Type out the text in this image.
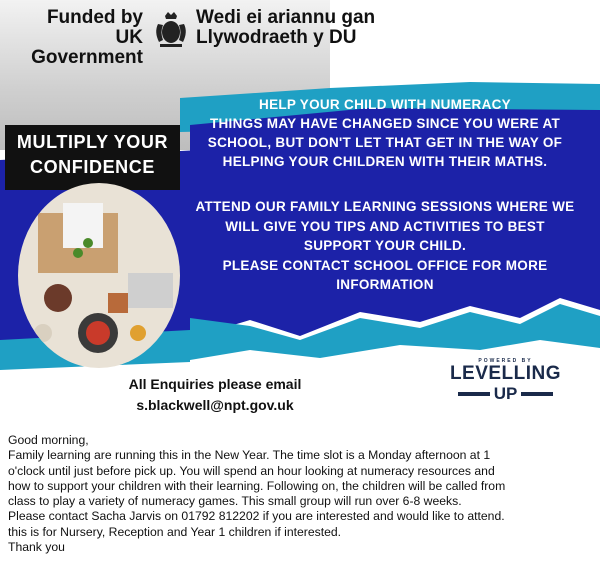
Funded by
UK Government
Wedi ei ariannu gan
Llywodraeth y DU
MULTIPLY YOUR
CONFIDENCE
HELP YOUR CHILD WITH NUMERACY
THINGS MAY HAVE CHANGED SINCE YOU WERE AT
SCHOOL, BUT DON'T LET THAT GET IN THE WAY OF
HELPING YOUR CHILDREN WITH THEIR MATHS.
ATTEND OUR FAMILY LEARNING SESSIONS WHERE WE
WILL GIVE YOU TIPS AND ACTIVITIES TO BEST
SUPPORT YOUR CHILD.
PLEASE CONTACT SCHOOL OFFICE FOR MORE
INFORMATION
All Enquiries please email
s.blackwell@npt.gov.uk
POWERED BY
LEVELLING
UP
Good morning,
Family learning are running this in the New Year. The time slot is a Monday afternoon at 1
o'clock until just before pick up. You will spend an hour looking at numeracy resources and
how to support your children with their learning. Following on, the children will be called from
class to play a variety of numeracy games. This small group will run over 6-8 weeks.
Please contact Sacha Jarvis on 01792 812202 if you are interested and would like to attend.
this is for Nursery, Reception and Year 1 children if interested.
Thank you
